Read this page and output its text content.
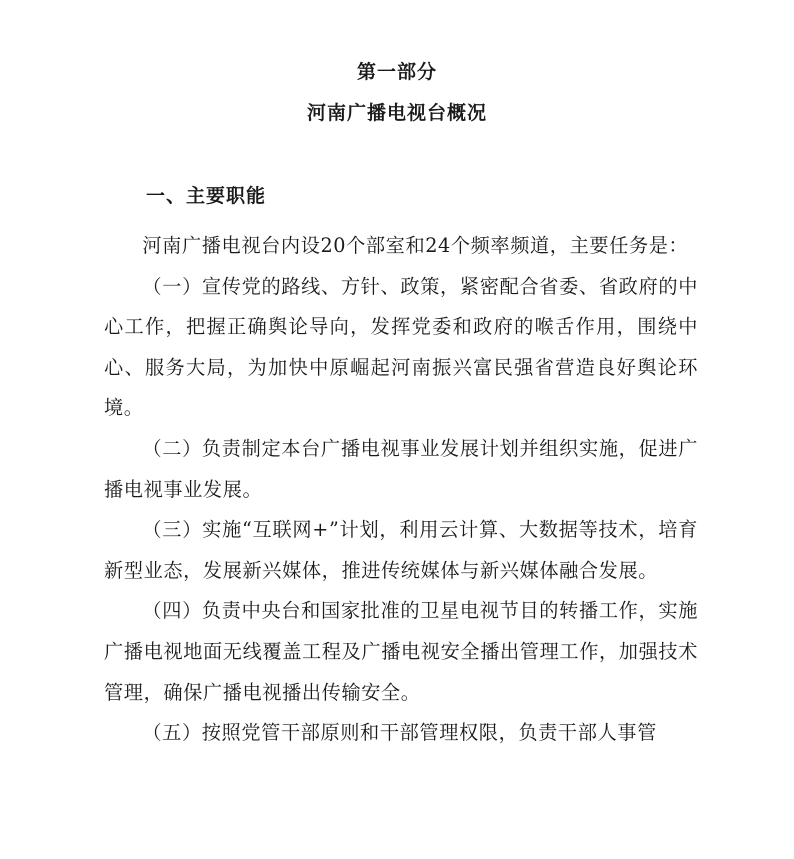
第一部分
河南广播电视台概况
一、主要职能

河南广播电视台内设20个部室和24个频率频道，主要任务是：

（一）宣传党的路线、方针、政策，紧密配合省委、省政府的中心工作，把握正确舆论导向，发挥党委和政府的喉舌作用，围绕中心、服务大局，为加快中原崛起河南振兴富民强省营造良好舆论环境。

（二）负责制定本台广播电视事业发展计划并组织实施，促进广播电视事业发展。

（三）实施“互联网+”计划，利用云计算、大数据等技术，培育新型业态，发展新兴媒体，推进传统媒体与新兴媒体融合发展。

（四）负责中央台和国家批准的卫星电视节目的转播工作，实施广播电视地面无线覆盖工程及广播电视安全播出管理工作，加强技术管理，确保广播电视播出传输安全。

（五）按照党管干部原则和干部管理权限，负责干部人事管
